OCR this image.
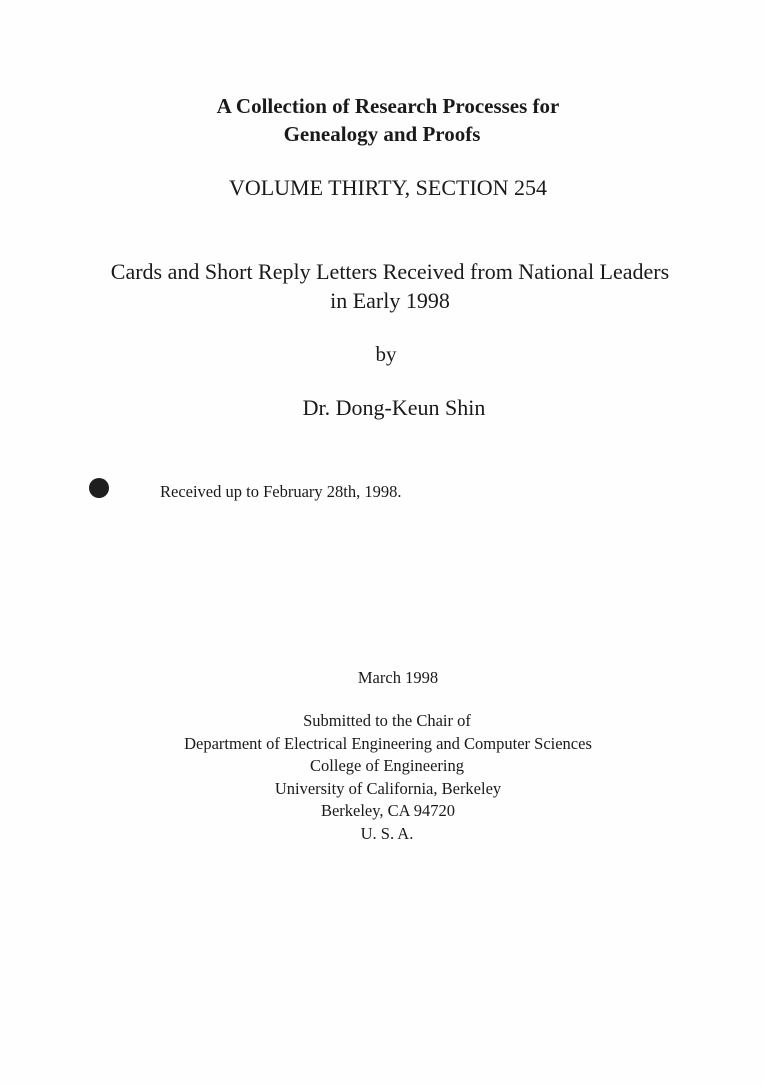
A Collection of Research Processes for
Genealogy and Proofs
VOLUME THIRTY, SECTION 254
Cards and Short Reply Letters Received from National Leaders
in Early 1998
by
Dr. Dong-Keun Shin
Received up to February 28th, 1998.
March 1998
Submitted to the Chair of
Department of Electrical Engineering and Computer Sciences
College of Engineering
University of California, Berkeley
Berkeley, CA 94720
U. S. A.
